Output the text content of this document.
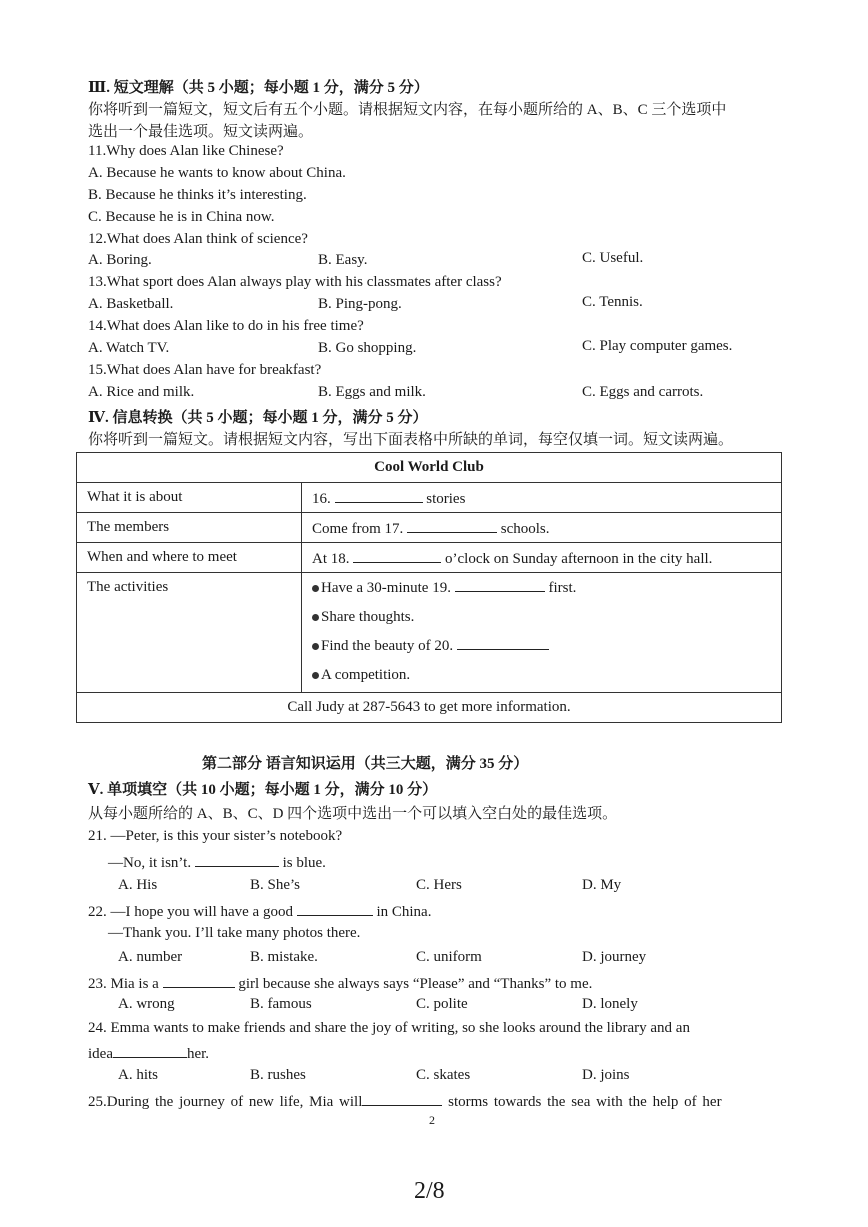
Ⅲ. 短文理解（共 5 小题；每小题 1 分，满分 5 分）
你将听到一篇短文，短文后有五个小题。请根据短文内容，在每小题所给的 A、B、C 三个选项中
选出一个最佳选项。短文读两遍。
11.Why does Alan like Chinese?
A. Because he wants to know about China.
B. Because he thinks it’s interesting.
C. Because he is in China now.
12.What does Alan think of science?
A. Boring.	B. Easy.	C. Useful.
13.What sport does Alan always play with his classmates after class?
A. Basketball.	B. Ping-pong.	C. Tennis.
14.What does Alan like to do in his free time?
A. Watch TV.	B. Go shopping.	C. Play computer games.
15.What does Alan have for breakfast?
A. Rice and milk.	B. Eggs and milk.	C. Eggs and carrots.
Ⅳ. 信息转换（共 5 小题；每小题 1 分，满分 5 分）
你将听到一篇短文。请根据短文内容，写出下面表格中所缺的单词，每空仅填一词。短文读两遍。
Cool World Club	
What it is about	16. stories
The members	Come from 17. schools.
When and where to meet	At 18. o’clock on Sunday afternoon in the city hall.
The activities	Have a 30-minute 19. first.
Share thoughts.
Find the beauty of 20.
A competition.

Call Judy at 287-5643 to get more information.	
第二部分 语言知识运用（共三大题，满分 35 分）
Ⅴ. 单项填空（共 10 小题；每小题 1 分，满分 10 分）
从每小题所给的 A、B、C、D 四个选项中选出一个可以填入空白处的最佳选项。
21. —Peter, is this your sister’s notebook?
—No, it isn’t.	is blue.
A. His	B. She’s	C. Hers	D. My
22. —I hope you will have a good	in China.
—Thank you. I’ll take many photos there.
A. number	B. mistake.	C. uniform	D. journey
23. Mia is a	girl because she always says “Please” and “Thanks” to me.
A. wrong	B. famous	C. polite	D. lonely
24. Emma wants to make friends and share the joy of writing, so she looks around the library and an
idea	her.
A. hits	B. rushes	C. skates	D. joins
25.During the journey of new life, Mia will	storms towards the sea with the help of her
2
2/8
